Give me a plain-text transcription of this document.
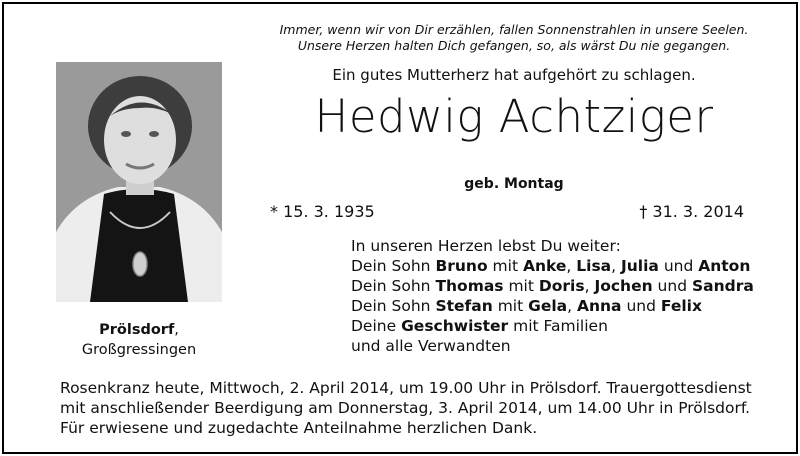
Immer, wenn wir von Dir erzählen, fallen Sonnenstrahlen in unsere Seelen.
Unsere Herzen halten Dich gefangen, so, als wärst Du nie gegangen.
Ein gutes Mutterherz hat aufgehört zu schlagen.
Hedwig Achtziger
geb. Montag
* 15. 3. 1935	† 31. 3. 2014
Prölsdorf,
Großgressingen
In unseren Herzen lebst Du weiter:
Dein Sohn Bruno mit Anke, Lisa, Julia und Anton
Dein Sohn Thomas mit Doris, Jochen und Sandra
Dein Sohn Stefan mit Gela, Anna und Felix
Deine Geschwister mit Familien
und alle Verwandten
Rosenkranz heute, Mittwoch, 2. April 2014, um 19.00 Uhr in Prölsdorf. Trauergottesdienst
mit anschließender Beerdigung am Donnerstag, 3. April 2014, um 14.00 Uhr in Prölsdorf.
Für erwiesene und zugedachte Anteilnahme herzlichen Dank.
